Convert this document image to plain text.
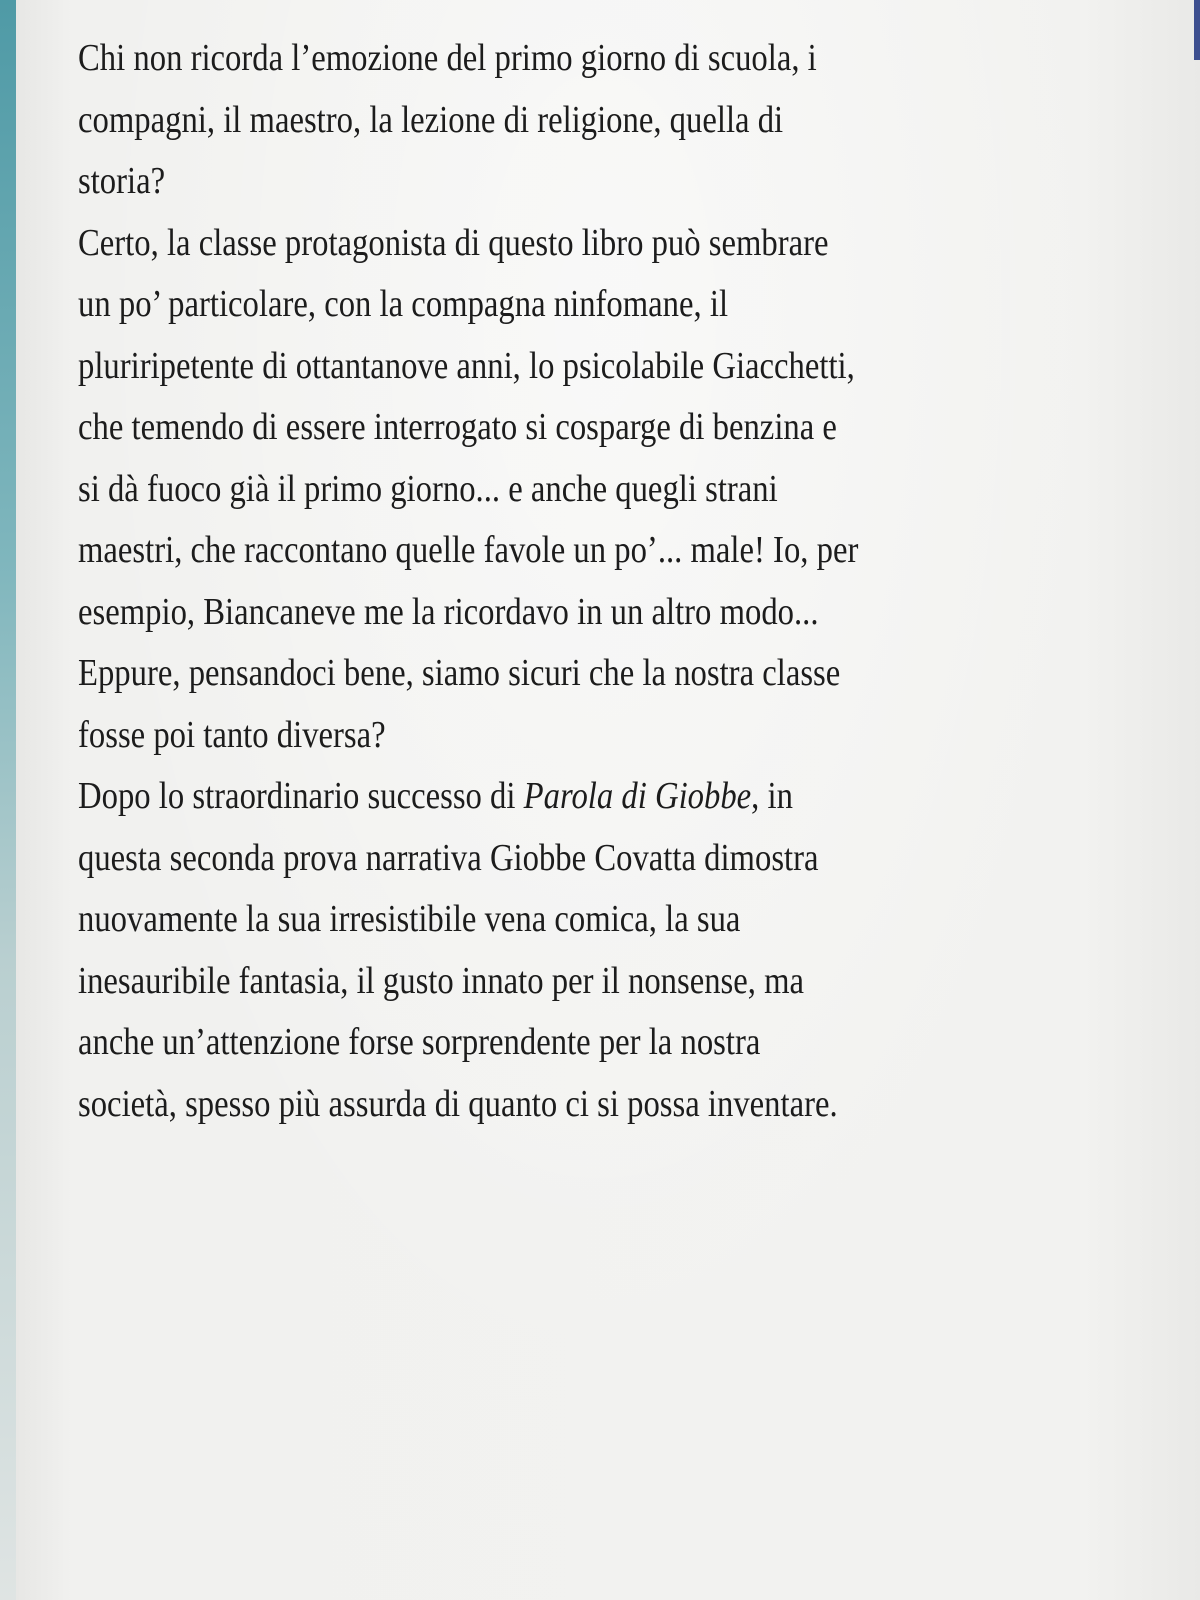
Chi non ricorda l’emozione del primo giorno di scuola, i
compagni, il maestro, la lezione di religione, quella di
storia?
Certo, la classe protagonista di questo libro può sembrare
un po’ particolare, con la compagna ninfomane, il
pluriripetente di ottantanove anni, lo psicolabile Giacchetti,
che temendo di essere interrogato si cosparge di benzina e
si dà fuoco già il primo giorno... e anche quegli strani
maestri, che raccontano quelle favole un po’... male! Io, per
esempio, Biancaneve me la ricordavo in un altro modo...
Eppure, pensandoci bene, siamo sicuri che la nostra classe
fosse poi tanto diversa?
Dopo lo straordinario successo di Parola di Giobbe, in
questa seconda prova narrativa Giobbe Covatta dimostra
nuovamente la sua irresistibile vena comica, la sua
inesauribile fantasia, il gusto innato per il nonsense, ma
anche un’attenzione forse sorprendente per la nostra
società, spesso più assurda di quanto ci si possa inventare.
